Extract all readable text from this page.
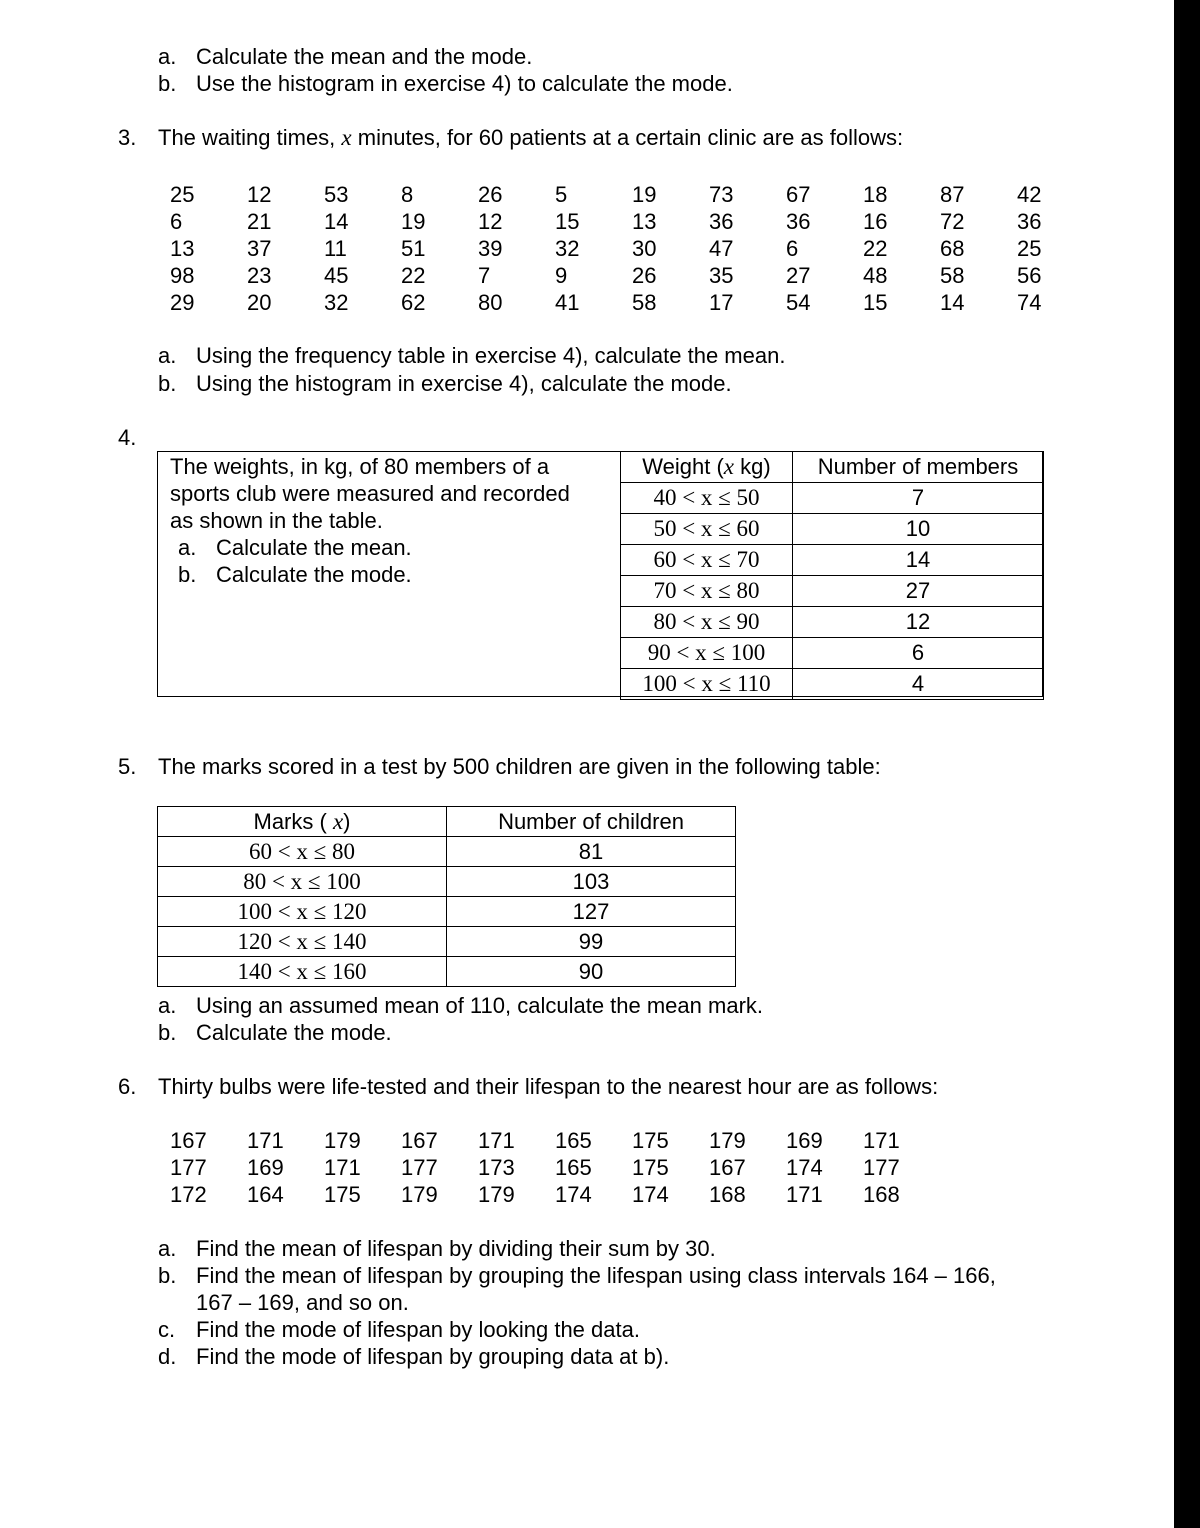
a. Calculate the mean and the mode.
b. Use the histogram in exercise 4) to calculate the mode.
3. The waiting times, x minutes, for 60 patients at a certain clinic are as follows:
25	12	53	8	26	5	19	73	67	18	87	42
6	21	14	19	12	15	13	36	36	16	72	36
13	37	11	51	39	32	30	47	6	22	68	25
98	23	45	22	7	9	26	35	27	48	58	56
29	20	32	62	80	41	58	17	54	15	14	74
a. Using the frequency table in exercise 4), calculate the mean.
b. Using the histogram in exercise 4), calculate the mode.
4.
The weights, in kg, of 80 members of a
sports club were measured and recorded
as shown in the table.
a. Calculate the mean.
b. Calculate the mode.
Weight (x kg)	Number of members
40 < x ≤ 50	7
50 < x ≤ 60	10
60 < x ≤ 70	14
70 < x ≤ 80	27
80 < x ≤ 90	12
90 < x ≤ 100	6
100 < x ≤ 110	4
5. The marks scored in a test by 500 children are given in the following table:
Marks ( x)	Number of children
60 < x ≤ 80	81
80 < x ≤ 100	103
100 < x ≤ 120	127
120 < x ≤ 140	99
140 < x ≤ 160	90
a. Using an assumed mean of 110, calculate the mean mark.
b. Calculate the mode.
6. Thirty bulbs were life-tested and their lifespan to the nearest hour are as follows:
167	171	179	167	171	165	175	179	169	171
177	169	171	177	173	165	175	167	174	177
172	164	175	179	179	174	174	168	171	168
a. Find the mean of lifespan by dividing their sum by 30.
b. Find the mean of lifespan by grouping the lifespan using class intervals 164 – 166,
167 – 169, and so on.
c. Find the mode of lifespan by looking the data.
d. Find the mode of lifespan by grouping data at b).
